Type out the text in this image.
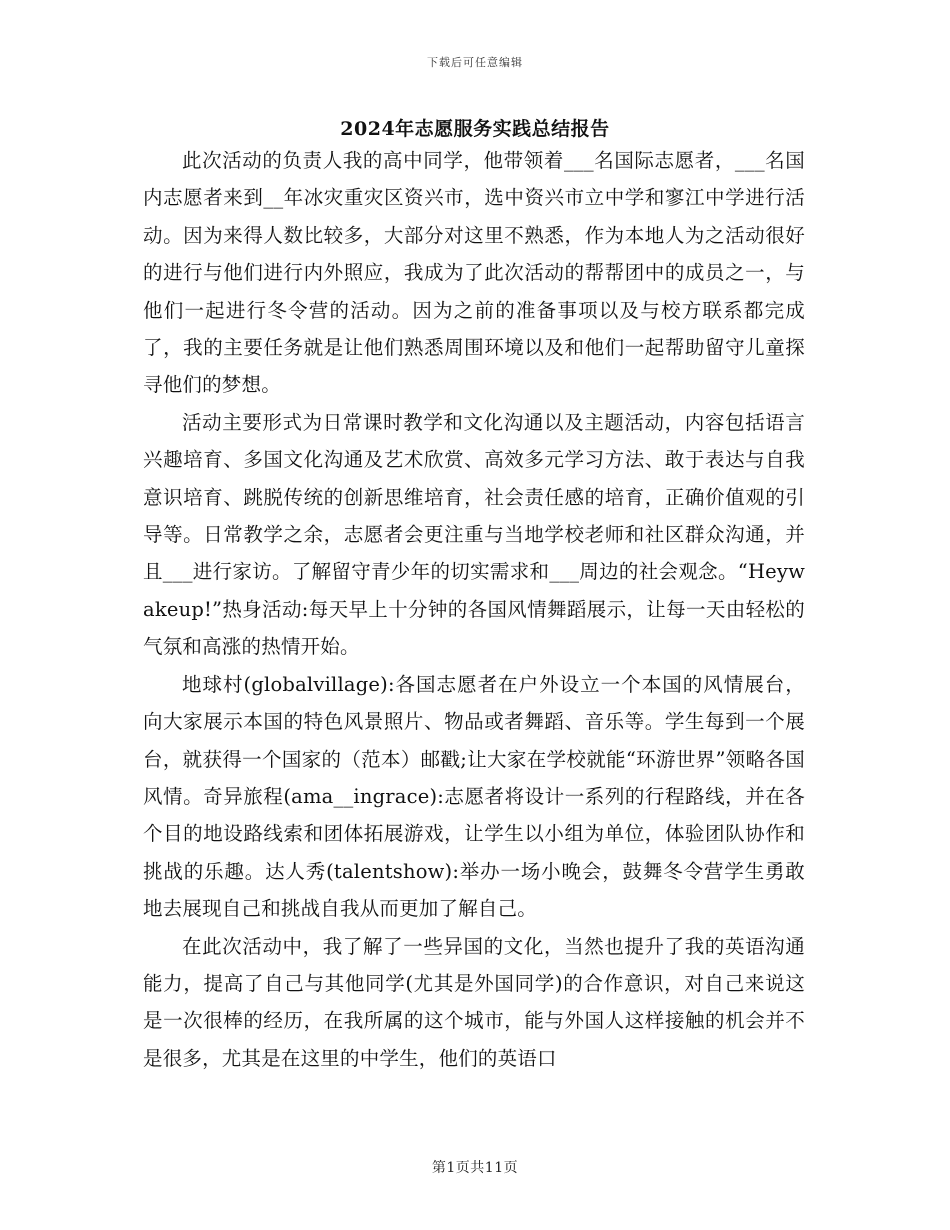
下载后可任意编辑
2024年志愿服务实践总结报告

此次活动的负责人我的高中同学，他带领着___名国际志愿者，___名国内志愿者来到__年冰灾重灾区资兴市，选中资兴市立中学和寥江中学进行活动。因为来得人数比较多，大部分对这里不熟悉，作为本地人为之活动很好的进行与他们进行内外照应，我成为了此次活动的帮帮团中的成员之一，与他们一起进行冬令营的活动。因为之前的准备事项以及与校方联系都完成了，我的主要任务就是让他们熟悉周围环境以及和他们一起帮助留守儿童探寻他们的梦想。

活动主要形式为日常课时教学和文化沟通以及主题活动，内容包括语言兴趣培育、多国文化沟通及艺术欣赏、高效多元学习方法、敢于表达与自我意识培育、跳脱传统的创新思维培育，社会责任感的培育，正确价值观的引导等。日常教学之余，志愿者会更注重与当地学校老师和社区群众沟通，并且___进行家访。了解留守青少年的切实需求和___周边的社会观念。“Heywakeup!”热身活动:每天早上十分钟的各国风情舞蹈展示，让每一天由轻松的气氛和高涨的热情开始。

地球村(globalvillage):各国志愿者在户外设立一个本国的风情展台，向大家展示本国的特色风景照片、物品或者舞蹈、音乐等。学生每到一个展台，就获得一个国家的（范本）邮戳;让大家在学校就能“环游世界”领略各国风情。奇异旅程(ama__ingrace):志愿者将设计一系列的行程路线，并在各个目的地设路线索和团体拓展游戏，让学生以小组为单位，体验团队协作和挑战的乐趣。达人秀(talentshow):举办一场小晚会，鼓舞冬令营学生勇敢地去展现自己和挑战自我从而更加了解自己。

在此次活动中，我了解了一些异国的文化，当然也提升了我的英语沟通能力，提高了自己与其他同学(尤其是外国同学)的合作意识，对自己来说这是一次很棒的经历，在我所属的这个城市，能与外国人这样接触的机会并不是很多，尤其是在这里的中学生，他们的英语口

第1页共11页
